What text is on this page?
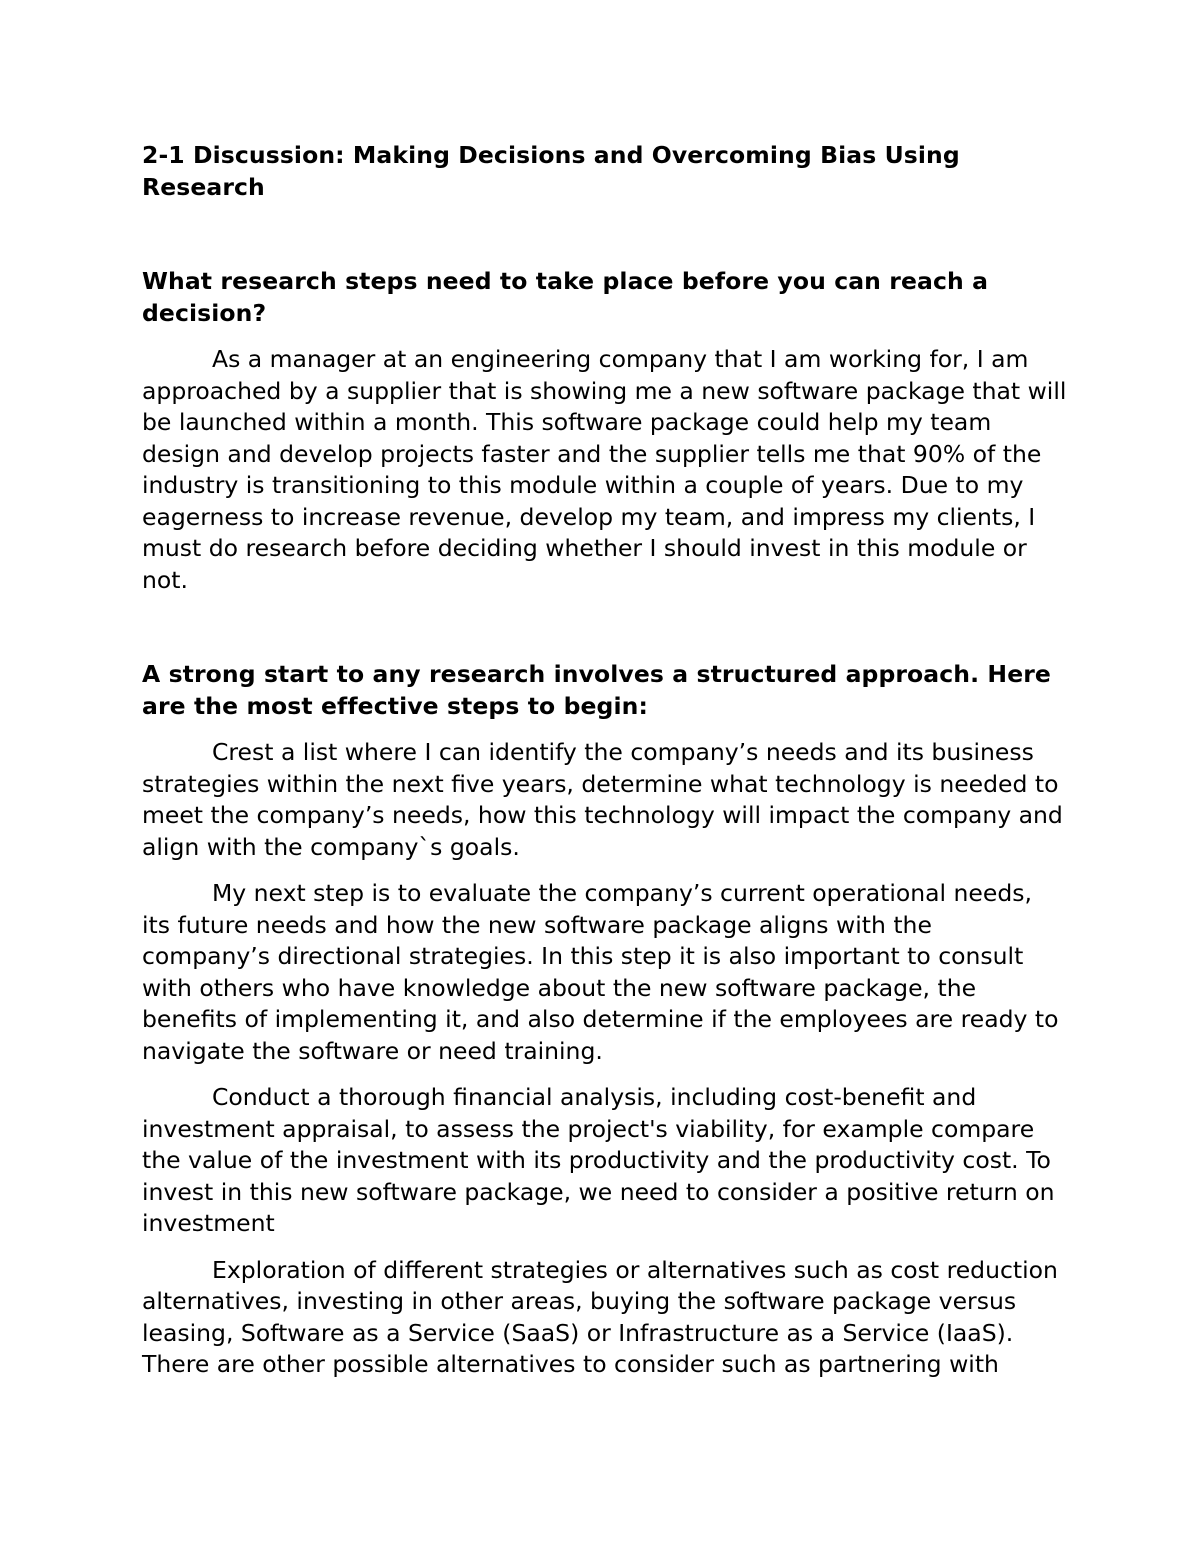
2-1 Discussion: Making Decisions and Overcoming Bias Using Research
What research steps need to take place before you can reach a decision?

As a manager at an engineering company that I am working for, I am approached by a supplier that is showing me a new software package that will be launched within a month. This software package could help my team design and develop projects faster and the supplier tells me that 90% of the industry is transitioning to this module within a couple of years. Due to my eagerness to increase revenue, develop my team, and impress my clients, I must do research before deciding whether I should invest in this module or not.

A strong start to any research involves a structured approach. Here are the most effective steps to begin:

Crest a list where I can identify the company’s needs and its business strategies within the next five years, determine what technology is needed to meet the company’s needs, how this technology will impact the company and align with the company`s goals.

My next step is to evaluate the company’s current operational needs, its future needs and how the new software package aligns with the company’s directional strategies. In this step it is also important to consult with others who have knowledge about the new software package, the benefits of implementing it, and also determine if the employees are ready to navigate the software or need training.

Conduct a thorough financial analysis, including cost-benefit and investment appraisal, to assess the project's viability, for example compare the value of the investment with its productivity and the productivity cost. To invest in this new software package, we need to consider a positive return on investment

Exploration of different strategies or alternatives such as cost reduction alternatives, investing in other areas, buying the software package versus leasing, Software as a Service (SaaS) or Infrastructure as a Service (IaaS). There are other possible alternatives to consider such as partnering with
